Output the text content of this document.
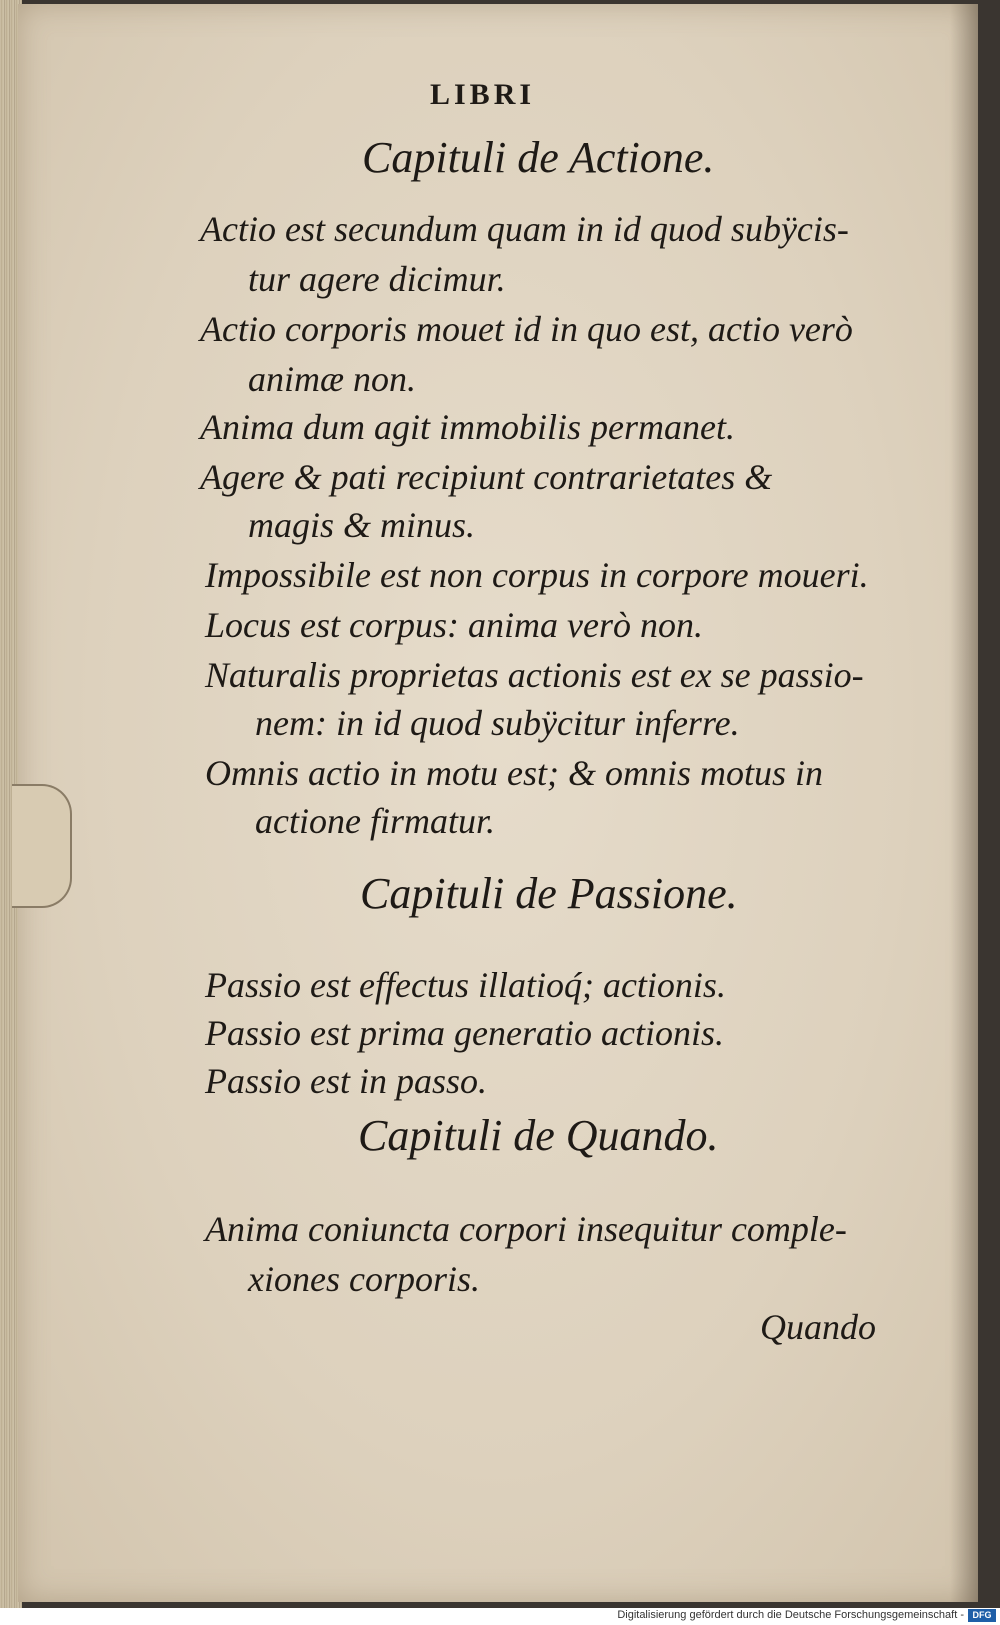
LIBRI
Capituli de Actione.
Actio est secundum quam in id quod subÿcis-
tur agere dicimur.
Actio corporis mouet id in quo est, actio verò
animæ non.
Anima dum agit immobilis permanet.
Agere & pati recipiunt contrarietates &
magis & minus.
Impossibile est non corpus in corpore moueri.
Locus est corpus: anima verò non.
Naturalis proprietas actionis est ex se passio-
nem: in id quod subÿcitur inferre.
Omnis actio in motu est; & omnis motus in
actione firmatur.
Capituli de Passione.
Passio est effectus illatioq́; actionis.
Passio est prima generatio actionis.
Passio est in passo.
Capituli de Quando.
Anima coniuncta corpori insequitur comple-
xiones corporis.
Quando
Digitalisierung gefördert durch die Deutsche Forschungsgemeinschaft - DFG
